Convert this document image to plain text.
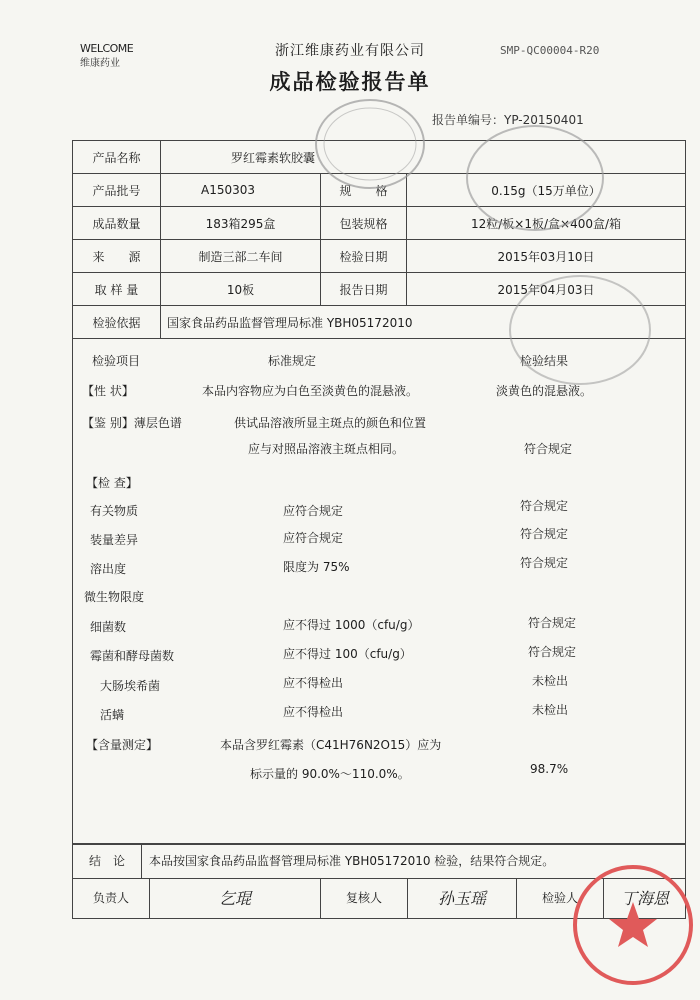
WELCOME
维康药业
浙江维康药业有限公司	SMP-QC00004-R20
成品检验报告单
报告单编号：YP-20150401
产品名称	罗红霉素软胶囊		
产品批号	A150303	规　　格	0.15g（15万单位）
成品数量	183箱295盒	包装规格	12粒/板×1板/盒×400盒/箱
来　　源	制造三部二车间	检验日期	2015年03月10日
取 样 量	10板	报告日期	2015年04月03日
检验依据	国家食品药品监督管理局标准 YBH05172010		
检验项目	标准规定	检验结果
【性 状】	本品内容物应为白色至淡黄色的混悬液。	淡黄色的混悬液。
【鉴 别】薄层色谱	供试品溶液所显主斑点的颜色和位置
应与对照品溶液主斑点相同。	符合规定
【检 查】
有关物质	应符合规定	符合规定
装量差异	应符合规定	符合规定
溶出度	限度为 75%	符合规定
微生物限度
细菌数	应不得过 1000（cfu/g）	符合规定
霉菌和酵母菌数	应不得过 100（cfu/g）	符合规定
大肠埃希菌	应不得检出	未检出
活螨	应不得检出	未检出
【含量测定】	本品含罗红霉素（C41H76N2O15）应为
标示量的 90.0%～110.0%。	98.7%
结　论	本品按国家食品药品监督管理局标准 YBH05172010 检验，结果符合规定。
负责人	乞琨	复核人	孙玉瑶	检验人	丁海恩
